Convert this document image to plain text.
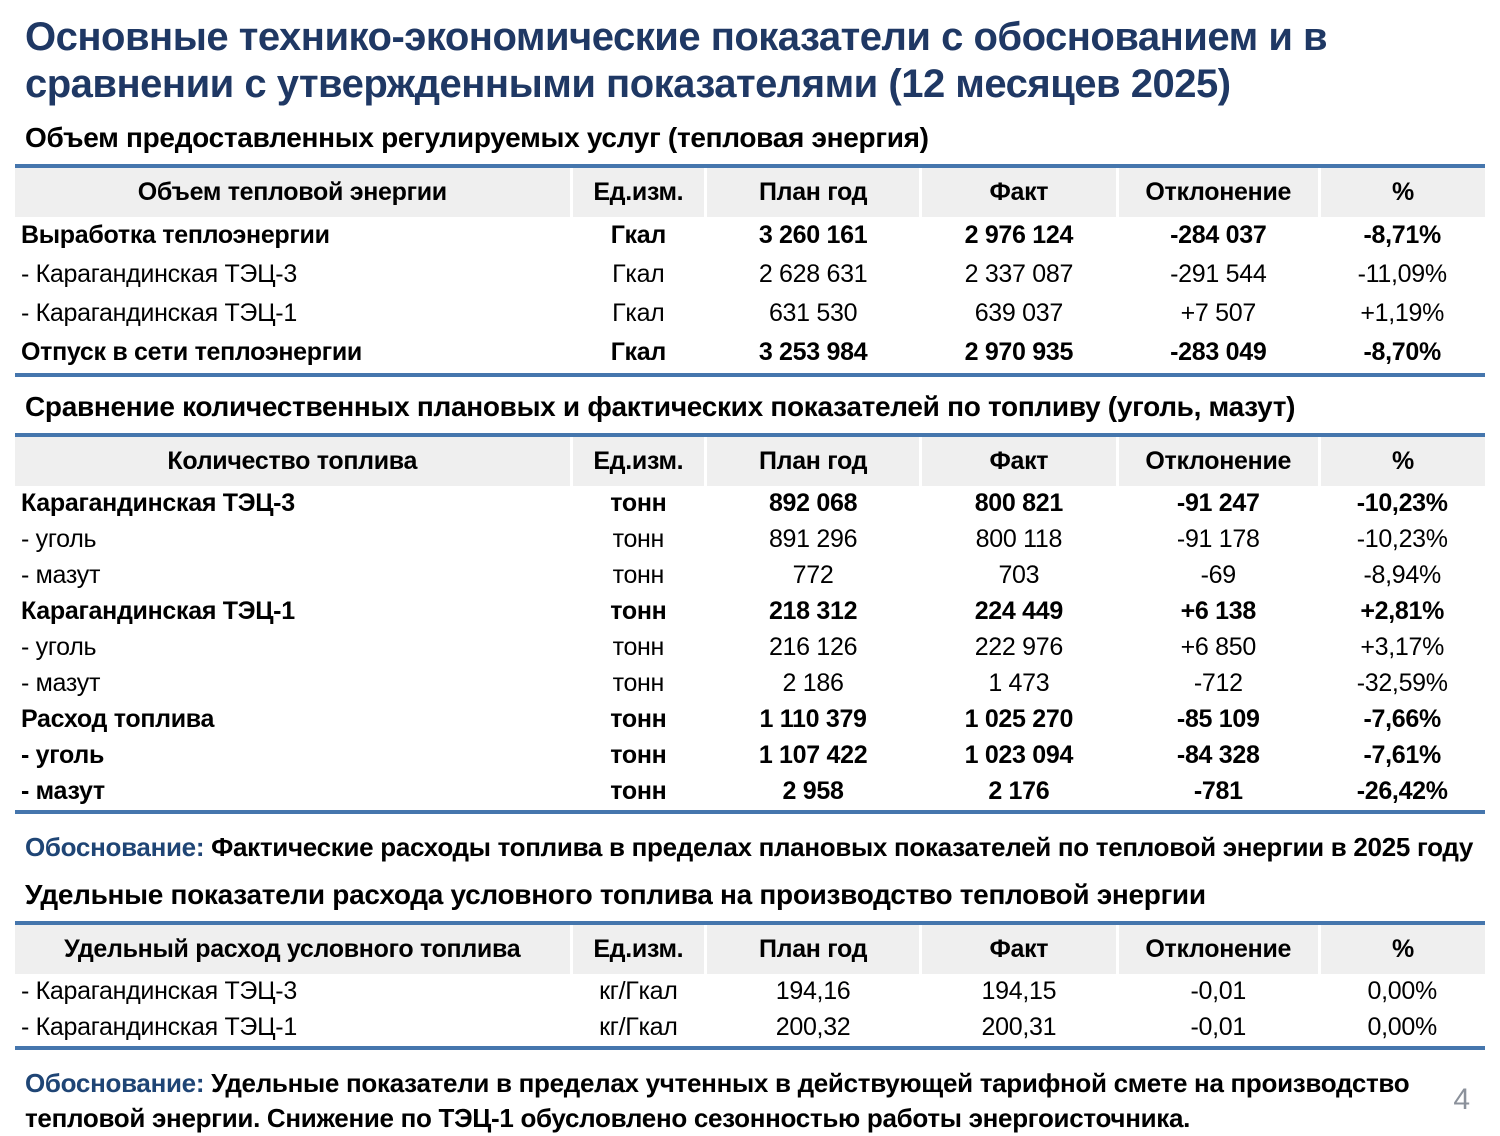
Основные технико-экономические показатели с обоснованием и в сравнении с утвержденными показателями (12 месяцев 2025)
Объем предоставленных регулируемых услуг (тепловая энергия)
Объем тепловой энергии	Ед.изм.	План год	Факт	Отклонение	%
Выработка теплоэнергии	Гкал	3 260 161	2 976 124	-284 037	-8,71%
- Карагандинская ТЭЦ-3	Гкал	2 628 631	2 337 087	-291 544	-11,09%
- Карагандинская ТЭЦ-1	Гкал	631 530	639 037	+7 507	+1,19%
Отпуск в сети теплоэнергии	Гкал	3 253 984	2 970 935	-283 049	-8,70%
Сравнение количественных плановых и фактических показателей по топливу (уголь, мазут)
Количество топлива	Ед.изм.	План год	Факт	Отклонение	%
Карагандинская ТЭЦ-3	тонн	892 068	800 821	-91 247	-10,23%
- уголь	тонн	891 296	800 118	-91 178	-10,23%
- мазут	тонн	772	703	-69	-8,94%
Карагандинская ТЭЦ-1	тонн	218 312	224 449	+6 138	+2,81%
- уголь	тонн	216 126	222 976	+6 850	+3,17%
- мазут	тонн	2 186	1 473	-712	-32,59%
Расход топлива	тонн	1 110 379	1 025 270	-85 109	-7,66%
- уголь	тонн	1 107 422	1 023 094	-84 328	-7,61%
- мазут	тонн	2 958	2 176	-781	-26,42%
Обоснование: Фактические расходы топлива в пределах плановых показателей по тепловой энергии в 2025 году
Удельные показатели расхода условного топлива на производство тепловой энергии
Удельный расход условного топлива	Ед.изм.	План год	Факт	Отклонение	%
- Карагандинская ТЭЦ-3	кг/Гкал	194,16	194,15	-0,01	0,00%
- Карагандинская ТЭЦ-1	кг/Гкал	200,32	200,31	-0,01	0,00%
Обоснование: Удельные показатели в пределах учтенных в действующей тарифной смете на производство тепловой энергии. Снижение по ТЭЦ-1 обусловлено сезонностью работы энергоисточника.
4
